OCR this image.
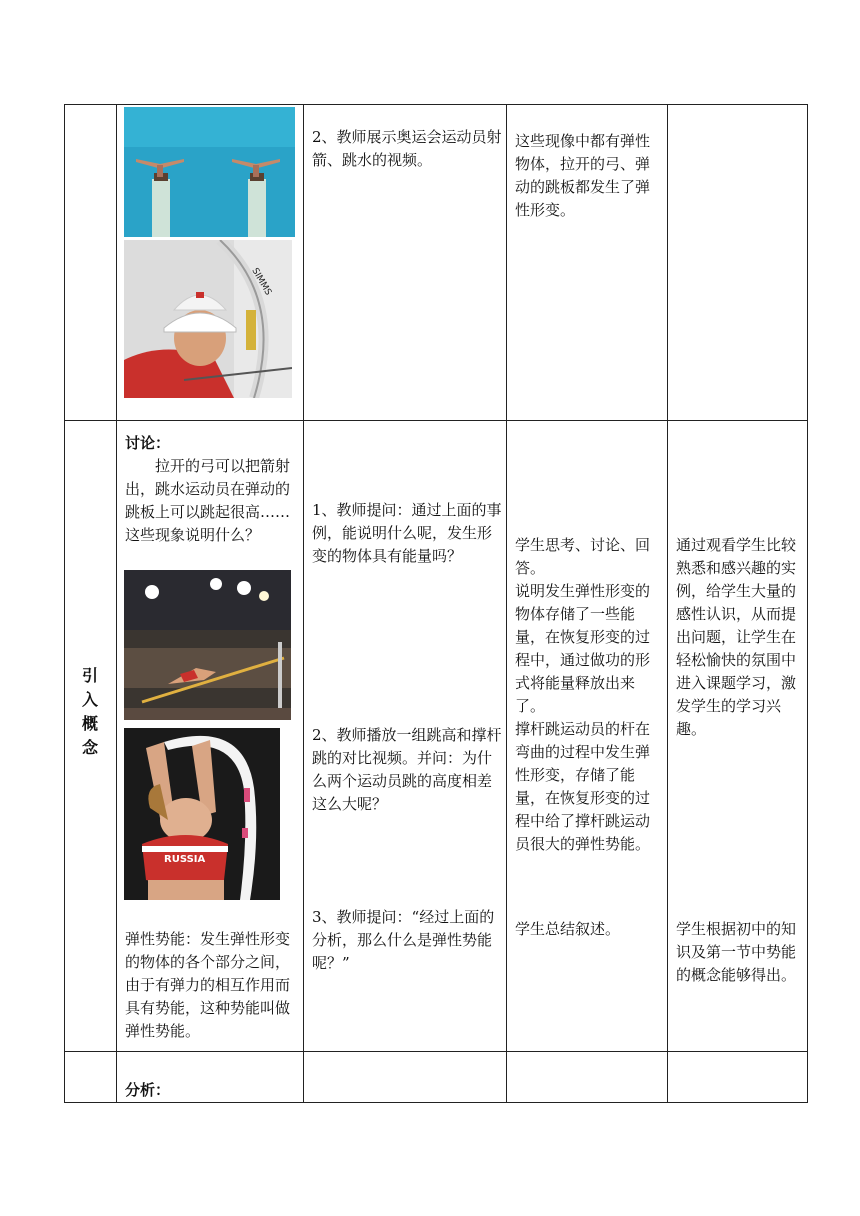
SIMMS
2、教师展示奥运会运动员射箭、跳水的视频。
这些现像中都有弹性物体，拉开的弓、弹动的跳板都发生了弹性形变。
引
入
概
念
讨论：
拉开的弓可以把箭射出，跳水运动员在弹动的跳板上可以跳起很高……这些现象说明什么？
RUSSIA
弹性势能：发生弹性形变的物体的各个部分之间，由于有弹力的相互作用而具有势能，这种势能叫做弹性势能。
1、教师提问：通过上面的事例，能说明什么呢，发生形变的物体具有能量吗？
2、教师播放一组跳高和撑杆跳的对比视频。并问：为什么两个运动员跳的高度相差这么大呢？
3、教师提问：“经过上面的分析，那么什么是弹性势能呢？”
学生思考、讨论、回答。
说明发生弹性形变的物体存储了一些能量，在恢复形变的过程中，通过做功的形式将能量释放出来了。
撑杆跳运动员的杆在弯曲的过程中发生弹性形变，存储了能量，在恢复形变的过程中给了撑杆跳运动员很大的弹性势能。
学生总结叙述。
通过观看学生比较熟悉和感兴趣的实例，给学生大量的感性认识，从而提出问题，让学生在轻松愉快的氛围中进入课题学习，激发学生的学习兴趣。
学生根据初中的知识及第一节中势能的概念能够得出。
分析：
